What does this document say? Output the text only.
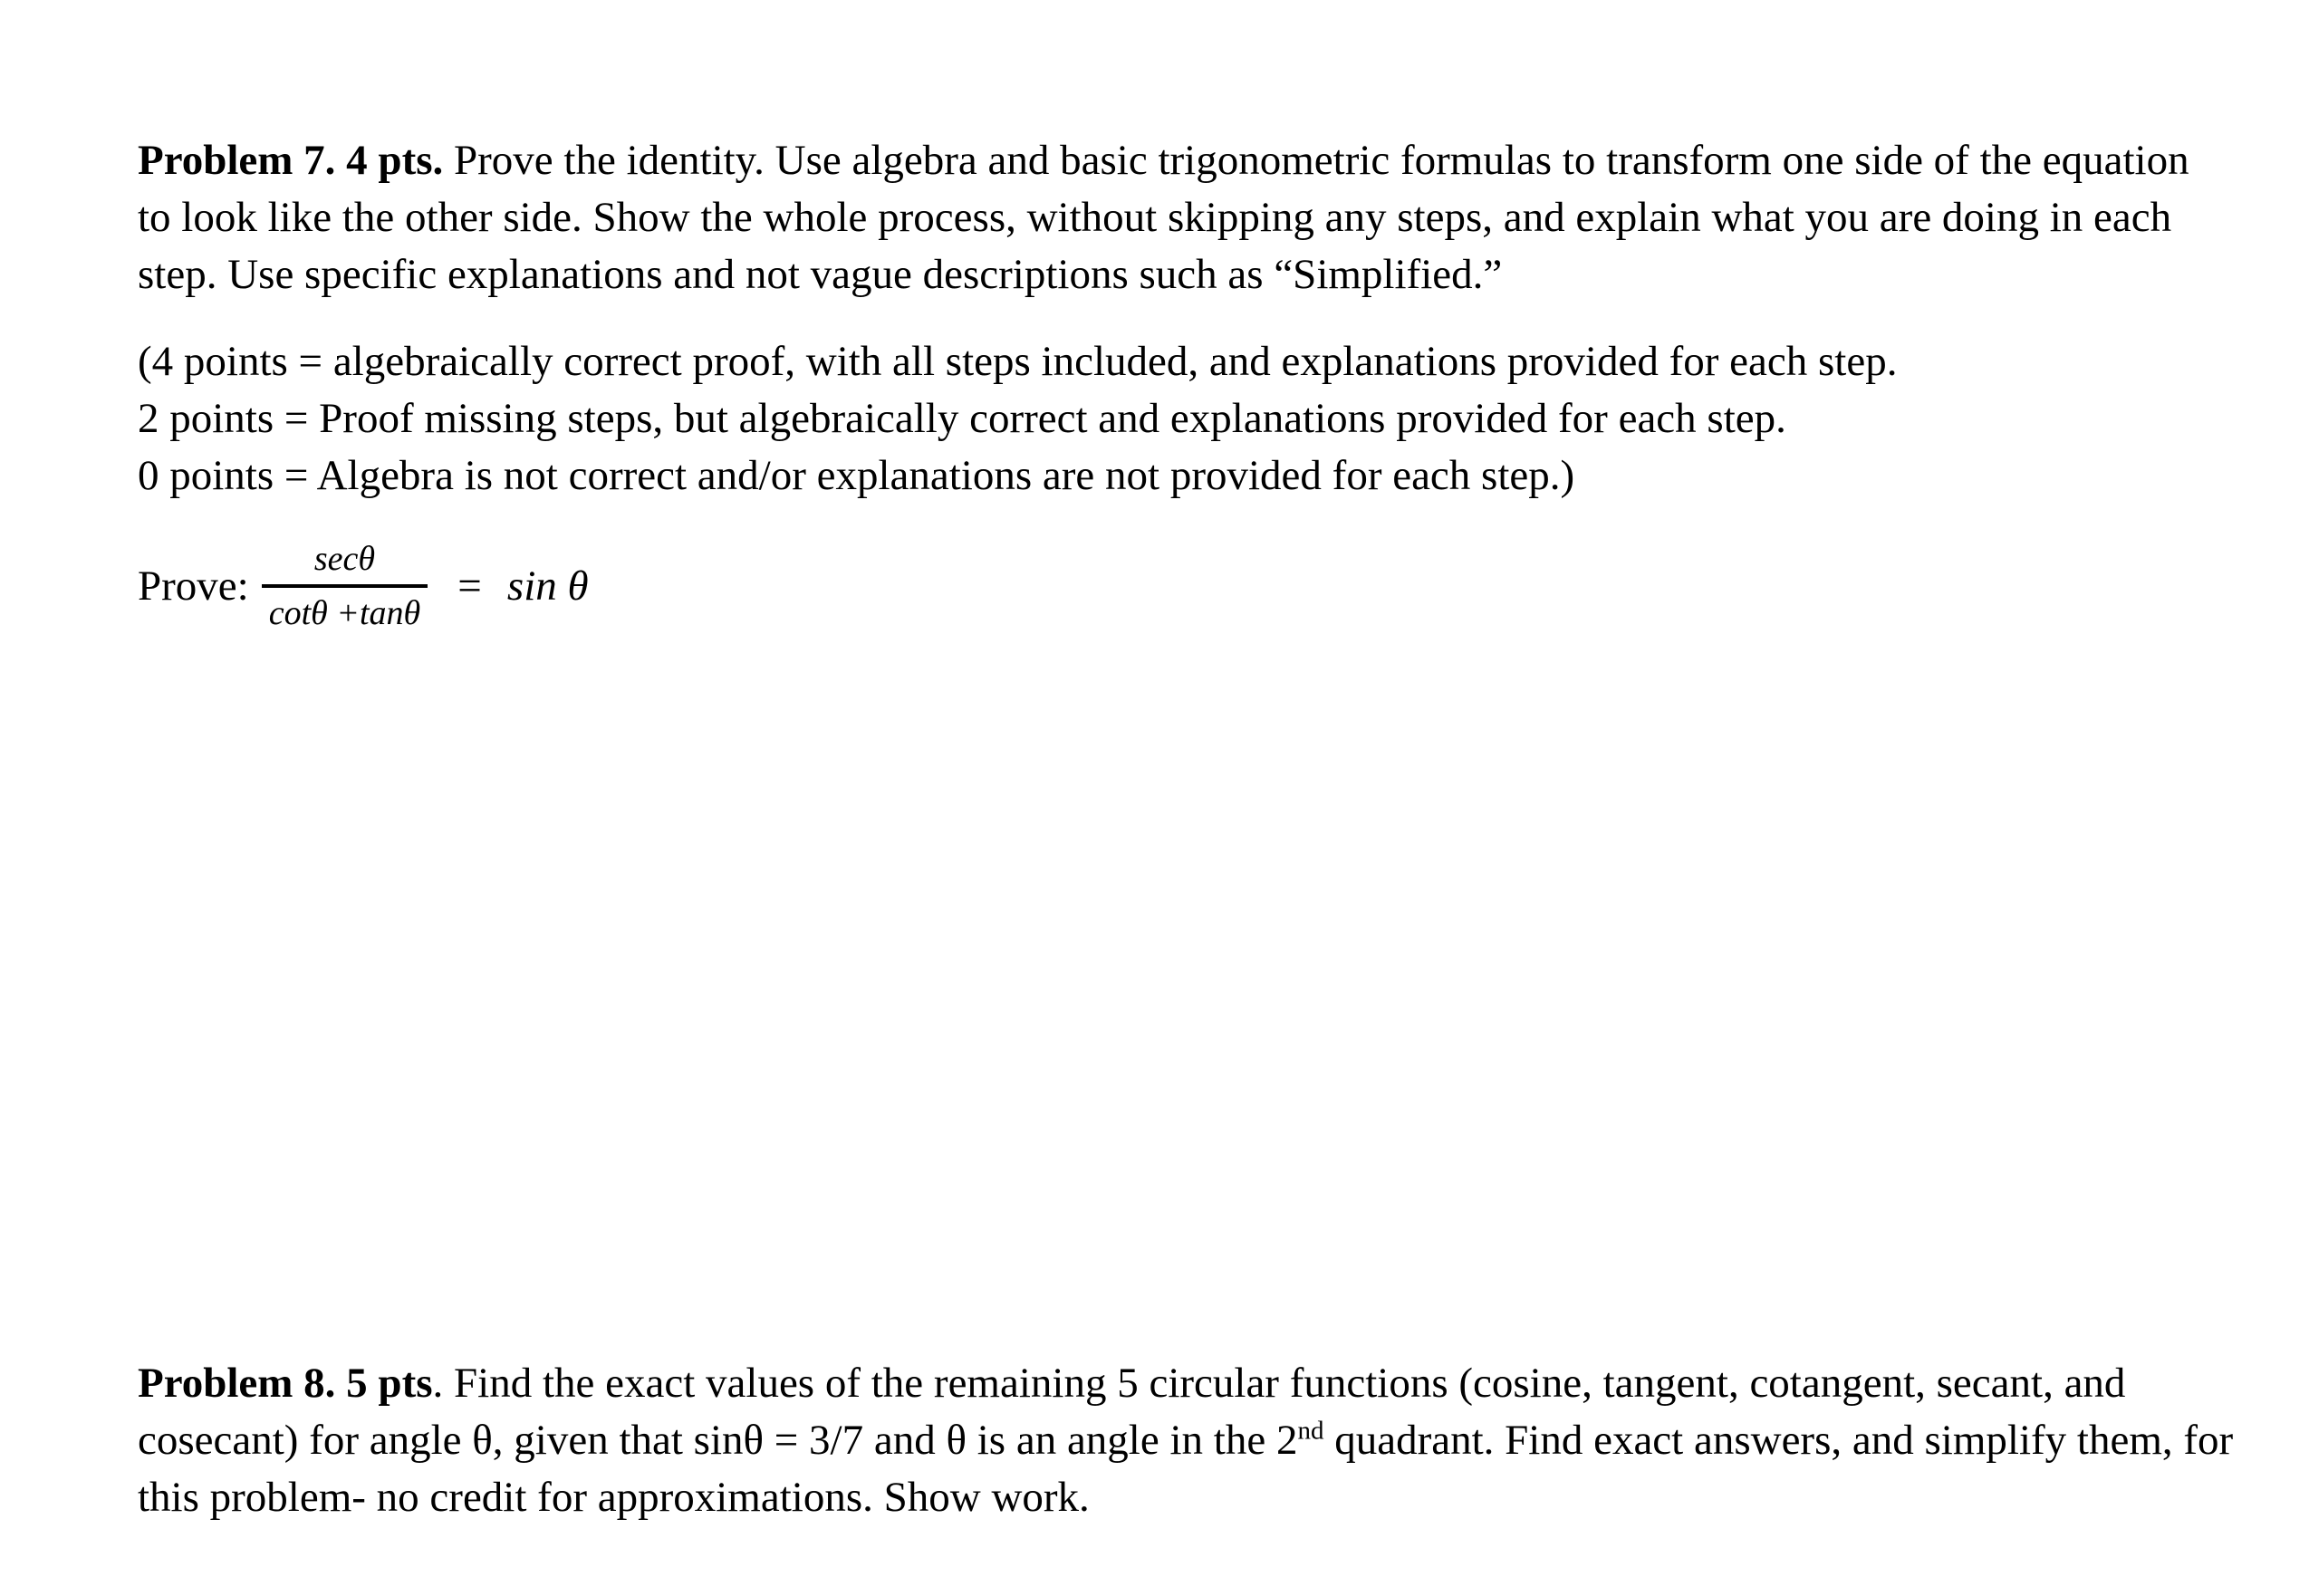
Problem 7. 4 pts. Prove the identity. Use algebra and basic trigonometric formulas to transform one side of the equation to look like the other side. Show the whole process, without skipping any steps, and explain what you are doing in each step. Use specific explanations and not vague descriptions such as “Simplified.”
(4 points = algebraically correct proof, with all steps included, and explanations provided for each step.
2 points = Proof missing steps, but algebraically correct and explanations provided for each step.
0 points = Algebra is not correct and/or explanations are not provided for each step.)
Prove: $\frac{\sec\theta}{\cot\theta +\tan\theta} = \sin \theta$
Problem 8. 5 pts. Find the exact values of the remaining 5 circular functions (cosine, tangent, cotangent, secant, and cosecant) for angle θ, given that sinθ = 3/7 and θ is an angle in the 2nd quadrant. Find exact answers, and simplify them, for this problem- no credit for approximations. Show work.
